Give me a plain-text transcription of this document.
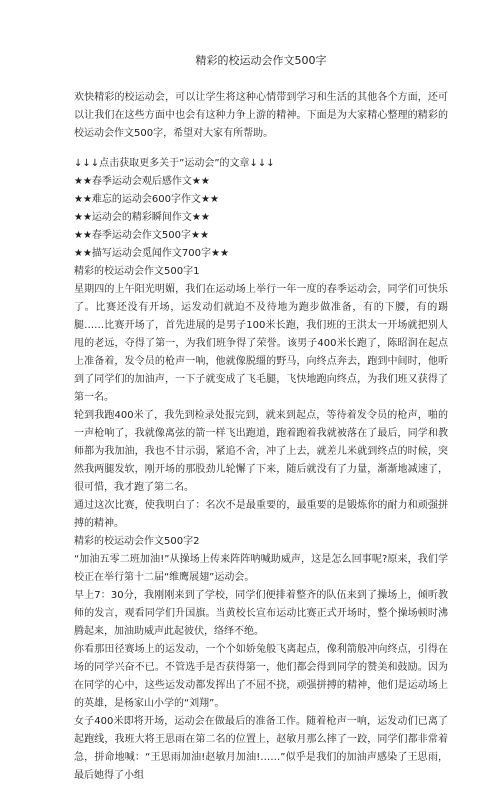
精彩的校运动会作文500字

欢快精彩的校运动会，可以让学生将这种心情带到学习和生活的其他各个方面，还可以让我们在这些方面中也会有这种力争上游的精神。下面是为大家精心整理的精彩的校运动会作文500字，希望对大家有所帮助。

↓↓↓点击获取更多关于”运动会”的文章↓↓↓

★★春季运动会观后感作文★★

★★难忘的运动会600字作文★★

★★运动会的精彩瞬间作文★★

★★春季运动会作文500字★★

★★描写运动会觅闻作文700字★★

精彩的校运动会作文500字1

星期四的上午阳光明媚，我们在运动场上举行一年一度的春季运动会，同学们可快乐了。比赛还没有开场，运发动们就迫不及待地为跑步做准备，有的下腰，有的踢腿……比赛开场了，首先进展的是男子100米长跑，我们班的王洪太一开场就把别人甩的老远，夺得了第一，为我们班争得了荣誉。该男子400米长跑了，陈昭润在起点上准备着，发令员的枪声一响，他就像脱缰的野马，向终点奔去，跑到中间时，他听到了同学们的加油声，一下子就变成了飞毛腿，飞快地跑向终点，为我们班又获得了第一名。

轮到我跑400米了，我先到检录处报完到，就来到起点，等待着发令员的枪声，啪的一声枪响了，我就像离弦的箭一样飞出跑道，跑着跑着我就被落在了最后，同学和教师都为我加油，我也不甘示弱，紧追不舍，冲了上去，就差儿米就到终点的时候，突然我两腿发软，刚开场的那股劲儿轮懈了下来，随后就没有了力量，渐渐地减速了，很可惜，我才跑了第二名。

通过这次比赛，使我明白了：名次不是最重要的，最重要的是锻炼你的耐力和顽强拼搏的精神。

精彩的校运动会作文500字2

“加油五零二班加油!”从操场上传来阵阵呐喊助威声，这是怎么回事呢?原来，我们学校正在举行第十二届“维鹰展翅”运动会。

早上7：30分，我刚刚来到了学校，同学们便排着整齐的队伍来到了操场上，倾听教师的发言，观看同学们升国旗。当黄校长宣布运动比赛正式开场时，整个操场顿时沸腾起来，加油助威声此起彼伏，络绎不绝。

你看那田径赛场上的运发动，一个个如娇兔般飞离起点，像利箭般冲向终点，引得在场的同学兴奋不已。不管选手是否获得第一，他们都会得到同学的赞美和鼓励。因为在同学的心中，这些运发动都发挥出了不屈不挠，顽强拼搏的精神，他们是运动场上的英雄，是杨家山小学的“刘翔”。

女子400米即将开场，运动会在做最后的准备工作。随着枪声一响，运发动们已离了起跑线，我班大将王思雨在第二名的位置上，赵敏月那么摔了一跤，同学们都非常着急，拼命地喊：“王思雨加油!赵敏月加油!……”似乎是我们的加油声感染了王思雨，最后她得了小组
